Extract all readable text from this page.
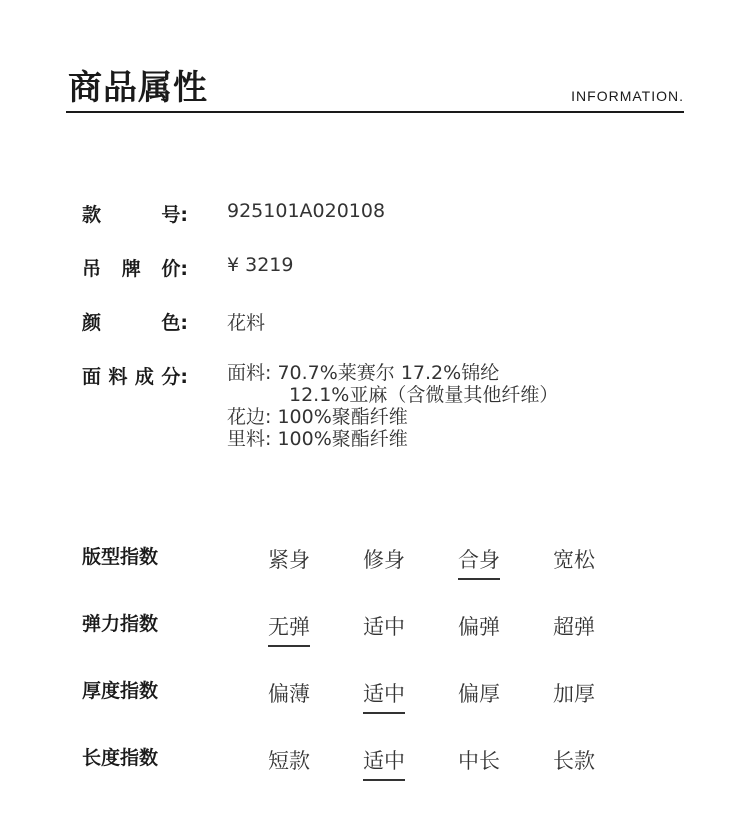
商品属性	INFORMATION.
款	号: 925101A020108
吊 牌 价: ¥ 3219
颜	色: 花料
面 料 成 分: 面料: 70.7%莱赛尔 17.2%锦纶
12.1%亚麻（含微量其他纤维）
花边: 100%聚酯纤维
里料: 100%聚酯纤维
版型指数	紧身	修身	合身	宽松
弹力指数	无弹	适中	偏弹	超弹
厚度指数	偏薄	适中	偏厚	加厚
长度指数	短款	适中	中长	长款
